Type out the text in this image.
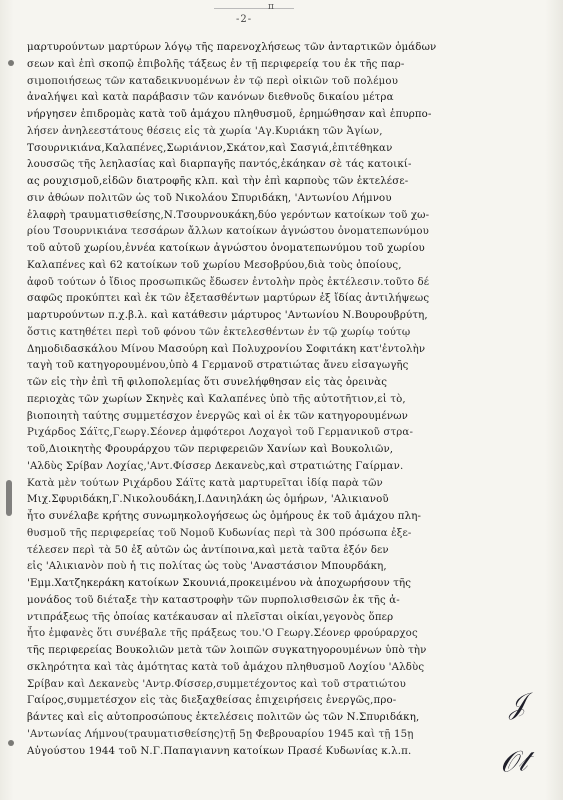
π
-2-
μαρτυρούντων μαρτύρων λόγῳ τῆς παρενοχλήσεως τῶν ἀνταρτικῶν ὁμάδων
σεων καὶ ἐπὶ σκοπῷ ἐπιβολῆς τάξεως ἐν τῇ περιφερείᾳ του ἐκ τῆς παρ-
σιμοποιήσεως τῶν καταδεικνυομένων ἐν τῷ περὶ οἰκιῶν τοῦ πολέμου
ἀναλήψει καὶ κατὰ παράβασιν τῶν κανόνων διεθνοῦς δικαίου μέτρα
νήργησεν ἐπιδρομὰς κατὰ τοῦ ἀμάχου πληθυσμοῦ, ἐρημώθησαν καὶ ἐπυρπο-
λήσεν ἀνηλεεστάτους θέσεις εἰς τὰ χωρία 'Αγ.Κυριάκη τῶν Ἁγίων,
Τσουρνικιάνα,Καλαπένες,Σωριάνιον,Σκάτον,καὶ Σασγιά,ἐπιτέθηκαν
λουσσῶς τῆς λεηλασίας καὶ διαρπαγῆς παντός,ἐκάηκαν σὲ τάς κατοικί-
ας ρουχισμοῦ,εἰδῶν διατροφῆς κλπ. καὶ τὴν ἐπὶ καρποὺς τῶν ἐκτελέσε-
σιν ἀθώων πολιτῶν ὡς τοῦ Νικολάου Σπυριδάκη, 'Αντωνίου Λήμνου
ἐλαφρὴ τραυματισθείσης,Ν.Τσουρνουκάκη,δύο γερόντων κατοίκων τοῦ χω-
ρίου Τσουρνικιάνα τεσσάρων ἄλλων κατοίκων ἀγνώστου ὀνοματεπωνύμου
τοῦ αὐτοῦ χωρίου,ἐννέα κατοίκων ἀγνώστου ὀνοματεπωνύμου τοῦ χωρίου
Καλαπένες καὶ 62 κατοίκων τοῦ χωρίου Μεσοβρύου,διὰ τοὺς ὁποίους,
ἀφοῦ τούτων ὁ ἴδιος προσωπικῶς ἔδωσεν ἐντολὴν πρὸς ἐκτέλεσιν.τοῦτο δέ
σαφῶς προκύπτει καὶ ἐκ τῶν ἐξετασθέντων μαρτύρων ἐξ ἴδίας ἀντιλήψεως
μαρτυρούντων π.χ.β.λ. καὶ κατάθεσιν μάρτυρος 'Αντωνίου Ν.Βουρουβρύτη,
ὅστις κατηθέτει περὶ τοῦ φόνου τῶν ἐκτελεσθέντων ἐν τῷ χωρίῳ τούτῳ
Δημοδιδασκάλου Μίνου Μασούρη καὶ Πολυχρονίου Σοφιτάκη κατ'ἐντολὴν
ταγὴ τοῦ κατηγορουμένου,ὑπὸ 4 Γερμανοῦ στρατιώτας ἄνευ εἰσαγωγῆς
τῶν εἰς τὴν ἐπὶ τῆ φιλοπολεμίας ὅτι συνελήφθησαν εἰς τὰς ὀρεινὰς
περιοχὰς τῶν χωρίων Σκηνὲς καὶ Καλαπένες ὑπὸ τῆς αὐτοτῆτιον,εἰ τὸ,
βιοποιητὴ ταύτης συμμετέσχον ἐνεργῶς καὶ οἱ ἐκ τῶν κατηγορουμένων
Ριχάρδος Σάϊτς,Γεωργ.Σέονερ ἀμφότεροι Λοχαγοὶ τοῦ Γερμανικοῦ στρα-
τοῦ,Διοικητὴς Φρουράρχου τῶν περιφερειῶν Χανίων καὶ Βουκολιῶν,
'Αλδὺς Σρίβαν Λοχίας,'Αντ.Φίσσερ Δεκανεὺς,καὶ στρατιώτης Γαίρμαν.
Κατὰ μὲν τούτων Ριχάρδου Σάϊτς κατὰ μαρτυρεῖται ἰδίᾳ παρὰ τῶν
Μιχ.Σφυριδάκη,Γ.Νικολουδάκη,Ι.Δανιηλάκη ὡς ὁμήρων, 'Αλικιανοῦ
ἦτο συνέλαβε κρήτης συνωμηκολογήσεως ὡς ὁμήρους ἐκ τοῦ ἀμάχου πλη-
θυσμοῦ τῆς περιφερείας τοῦ Νομοῦ Κυδωνίας περὶ τὰ 300 πρόσωπα ἐξε-
τέλεσεν περὶ τὰ 50 ἐξ αὐτῶν ὡς ἀντίποινα,καὶ μετὰ ταῦτα ἐξόν δεν
εἰς 'Αλικιανὸν ποὺ ἡ τις πολίτας ὡς τοὺς 'Αναστάσιον Μπουρδάκη,
'Εμμ.Χατζηκεράκη κατοίκων Σκουνιά,προκειμένου νὰ ἀποχωρήσουν τῆς
μονάδος τοῦ διέταξε τὴν καταστροφὴν τῶν πυρπολισθεισῶν ἐκ τῆς ἀ-
ντιπράξεως τῆς ὁποίας κατέκαυσαν αἱ πλεῖσται οἰκίαι,γεγονὸς ὅπερ
ἦτο ἐμφανὲς ὅτι συνέβαλε τῆς πράξεως του.'Ο Γεωργ.Σέονερ φρούραρχος
τῆς περιφερείας Βουκολιῶν μετὰ τῶν λοιπῶν συγκατηγορουμένων ὑπὸ τὴν
σκληρότητα καὶ τὰς ἀμότητας κατὰ τοῦ ἀμάχου πληθυσμοῦ Λοχίου 'Αλδὺς
Σρίβαν καὶ Δεκανεὺς 'Αντρ.Φίσσερ,συμμετέχοντος καὶ τοῦ στρατιώτου
Γαίρος,συμμετέσχον εἰς τὰς διεξαχθείσας ἐπιχειρήσεις ἐνεργῶς,προ-
βάντες καὶ εἰς αὐτοπροσώπους ἐκτελέσεις πολιτῶν ὡς τῶν Ν.Σπυριδάκη,
'Αντωνίας Λήμνου(τραυματισθείσης)τῇ 5ῃ Φεβρουαρίου 1945 καὶ τῇ 15ῃ
Αὐγούστου 1944 τοῦ Ν.Γ.Παπαγιαννη κατοίκων Πρασέ Κυδωνίας κ.λ.π.
𝒥
𝒪𝓉
